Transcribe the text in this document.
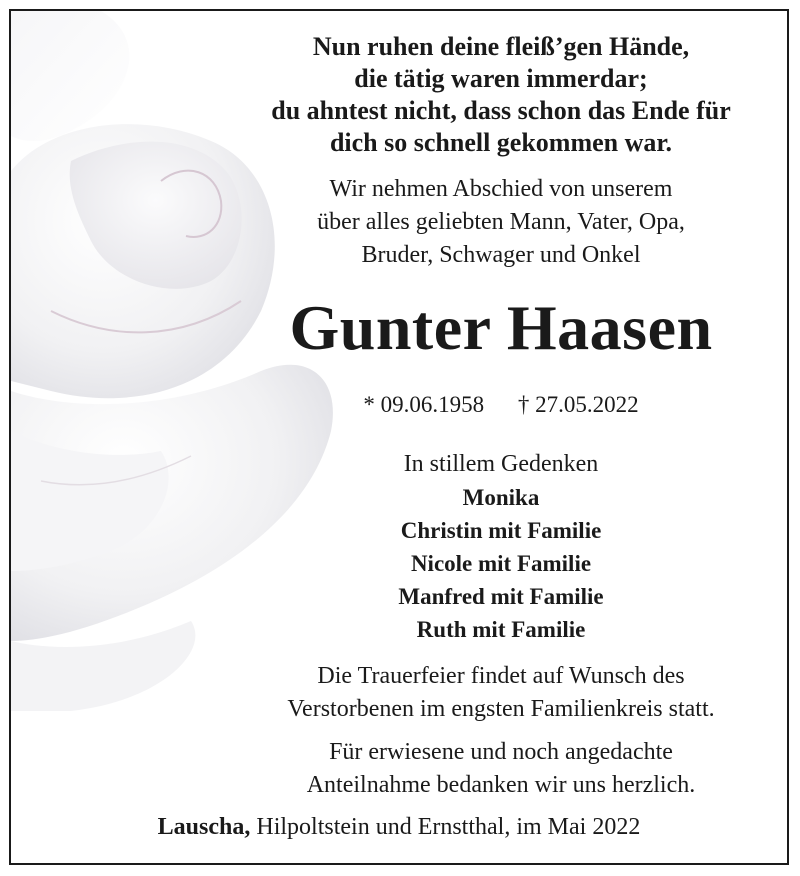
Nun ruhen deine fleiß’gen Hände,
die tätig waren immerdar;
du ahntest nicht, dass schon das Ende für
dich so schnell gekommen war.

Wir nehmen Abschied von unserem
über alles geliebten Mann, Vater, Opa,
Bruder, Schwager und Onkel

Gunter Haasen

* 09.06.1958 † 27.05.2022

In stillem Gedenken

Monika
Christin mit Familie
Nicole mit Familie
Manfred mit Familie
Ruth mit Familie

Die Trauerfeier findet auf Wunsch des
Verstorbenen im engsten Familienkreis statt.

Für erwiesene und noch angedachte
Anteilnahme bedanken wir uns herzlich.

Lauscha, Hilpoltstein und Ernstthal, im Mai 2022
